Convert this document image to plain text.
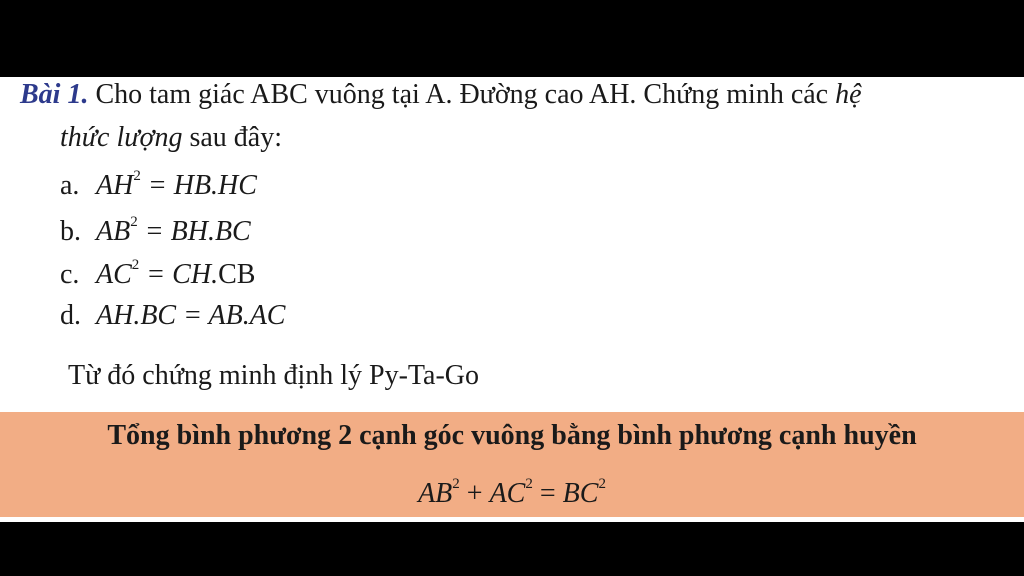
Bài 1. Cho tam giác ABC vuông tại A. Đường cao AH. Chứng minh các hệ
thức lượng sau đây:
a. $AH^2 = HB.HC$
b. $AB^2 = BH.BC$
c. $AC^2 = CH.CB$
d. AH.BC = AB.AC
Từ đó chứng minh định lý Py-Ta-Go
Tổng bình phương 2 cạnh góc vuông bằng bình phương cạnh huyền
$AB^2 + AC^2 = BC^2$
